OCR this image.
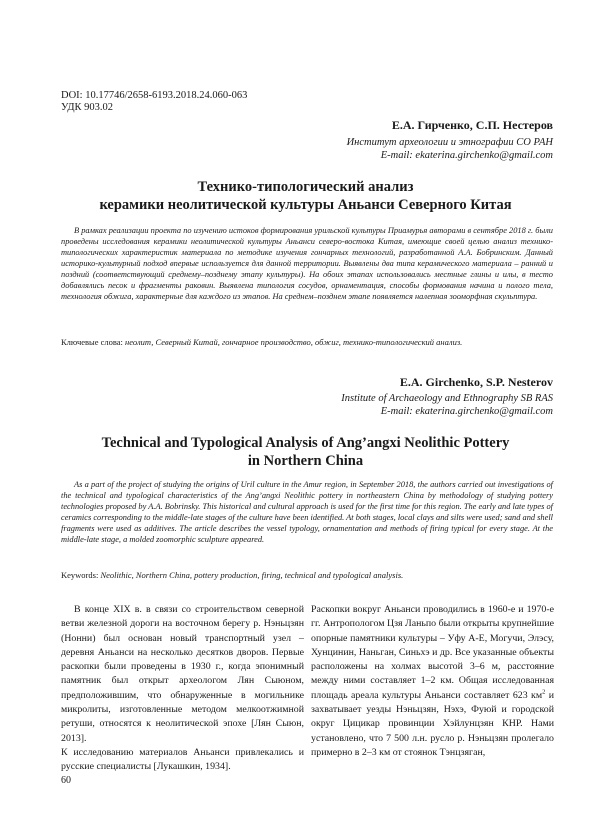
DOI: 10.17746/2658-6193.2018.24.060-063
УДК 903.02
Е.А. Гирченко, С.П. Нестеров
Институт археологии и этнографии СО РАН
E-mail: ekaterina.girchenko@gmail.com
Технико-типологический анализ
керамики неолитической культуры Аньанси Северного Китая

В рамках реализации проекта по изучению истоков формирования урильской культуры Приамурья авторами в сентябре 2018 г. были проведены исследования керамики неолитической культуры Аньанси северо-востока Китая, имеющие своей целью анализ технико-типологических характеристик материала по методике изучения гончарных технологий, разработанной А.А. Бобринским. Данный историко-культурный подход впервые используется для данной территории. Выявлены два типа керамического материала – ранний и поздний (соответствующий среднему–позднему этапу культуры). На обоих этапах использовались местные глины и илы, в тесто добавлялись песок и фрагменты раковин. Выявлена типология сосудов, орнаментация, способы формования начина и полого тела, технология обжига, характерные для каждого из этапов. На среднем–позднем этапе появляется налепная зооморфная скульптура.

Ключевые слова: неолит, Северный Китай, гончарное производство, обжиг, технико-типологический анализ.
E.A. Girchenko, S.P. Nesterov
Institute of Archaeology and Ethnography SB RAS
E-mail: ekaterina.girchenko@gmail.com
Technical and Typological Analysis of Ang’angxi Neolithic Pottery
in Northern China

As a part of the project of studying the origins of Uril culture in the Amur region, in September 2018, the authors carried out investigations of the technical and typological characteristics of the Ang’angxi Neolithic pottery in northeastern China by methodology of studying pottery technologies proposed by A.A. Bobrinsky. This historical and cultural approach is used for the first time for this region. The early and late types of ceramics corresponding to the middle-late stages of the culture have been identified. At both stages, local clays and silts were used; sand and shell fragments were used as additives. The article describes the vessel typology, ornamentation and methods of firing typical for every stage. At the middle-late stage, a molded zoomorphic sculpture appeared.

Keywords: Neolithic, Northern China, pottery production, firing, technical and typological analysis.

В конце XIX в. в связи со строительством северной ветви железной дороги на восточном берегу р. Нэньцзян (Нонни) был основан новый транспортный узел – деревня Аньанси на несколько десятков дворов. Первые раскопки были проведены в 1930 г., когда эпонимный памятник был открыт археологом Лян Сыюном, предположившим, что обнаруженные в могильнике микролиты, изготовленные методом мелкоотжимной ретуши, относятся к неолитической эпохе [Лян Сыюн, 2013].

К исследованию материалов Аньанси привлекались и русские специалисты [Лукашкин, 1934].

Раскопки вокруг Аньанси проводились в 1960-е и 1970-е гг. Антропологом Цзя Ланьпо были открыты крупнейшие опорные памятники культуры – Уфу А-Е, Могучи, Элэсу, Хунцинин, Наньган, Синьхэ и др. Все указанные объекты расположены на холмах высотой 3–6 м, расстояние между ними составляет 1–2 км. Общая исследованная площадь ареала культуры Аньанси составляет 623 $км^2$ и захватывает уезды Нэньцзян, Нэхэ, Фуюй и городской округ Цицикар провинции Хэйлунцзян КНР. Нами установлено, что 7 500 л.н. русло р. Нэньцзян пролегало примерно в 2–3 км от стоянок Тэнцзяган,

60
